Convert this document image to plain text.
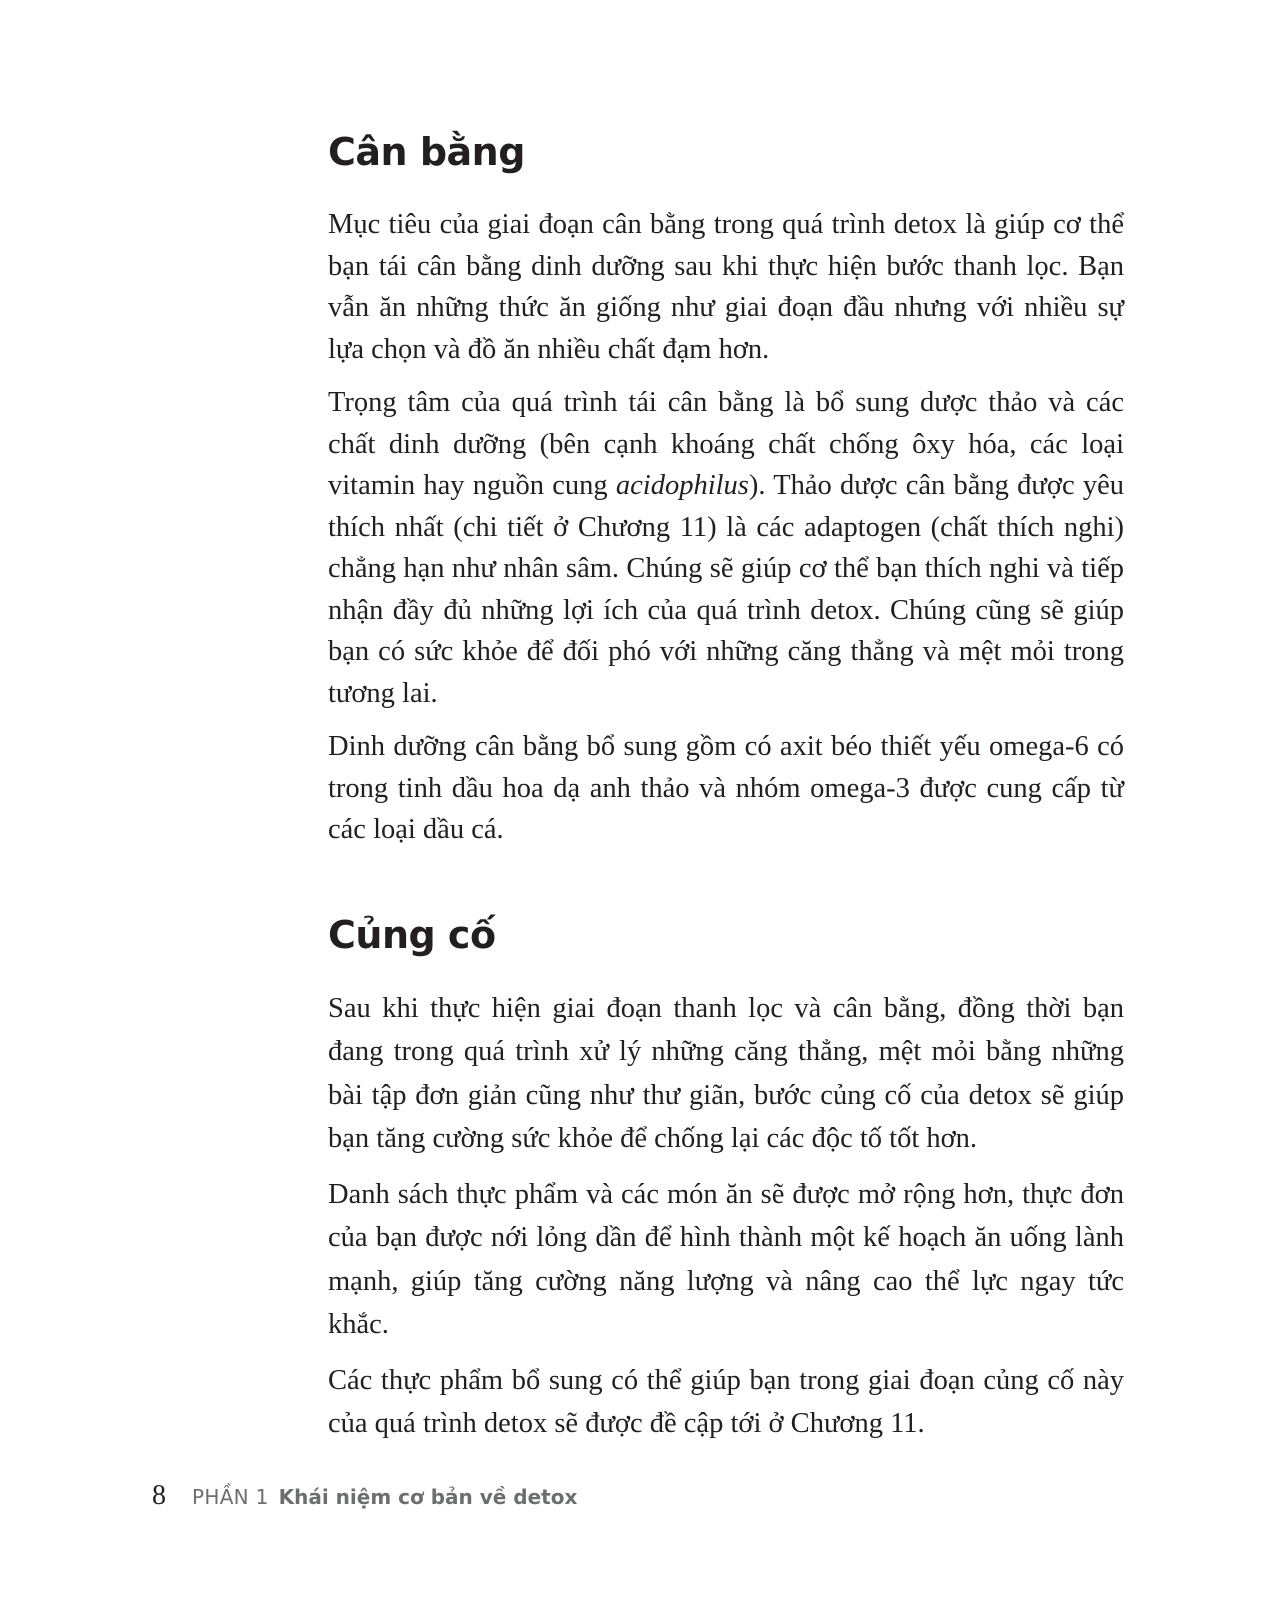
Cân bằng

Mục tiêu của giai đoạn cân bằng trong quá trình detox là giúp cơ thể bạn tái cân bằng dinh dưỡng sau khi thực hiện bước thanh lọc. Bạn vẫn ăn những thức ăn giống như giai đoạn đầu nhưng với nhiều sự lựa chọn và đồ ăn nhiều chất đạm hơn.

Trọng tâm của quá trình tái cân bằng là bổ sung dược thảo và các chất dinh dưỡng (bên cạnh khoáng chất chống ôxy hóa, các loại vitamin hay nguồn cung acidophilus). Thảo dược cân bằng được yêu thích nhất (chi tiết ở Chương 11) là các adaptogen (chất thích nghi) chẳng hạn như nhân sâm. Chúng sẽ giúp cơ thể bạn thích nghi và tiếp nhận đầy đủ những lợi ích của quá trình detox. Chúng cũng sẽ giúp bạn có sức khỏe để đối phó với những căng thẳng và mệt mỏi trong tương lai.

Dinh dưỡng cân bằng bổ sung gồm có axit béo thiết yếu omega-6 có trong tinh dầu hoa dạ anh thảo và nhóm omega-3 được cung cấp từ các loại dầu cá.

Củng cố

Sau khi thực hiện giai đoạn thanh lọc và cân bằng, đồng thời bạn đang trong quá trình xử lý những căng thẳng, mệt mỏi bằng những bài tập đơn giản cũng như thư giãn, bước củng cố của detox sẽ giúp bạn tăng cường sức khỏe để chống lại các độc tố tốt hơn.

Danh sách thực phẩm và các món ăn sẽ được mở rộng hơn, thực đơn của bạn được nới lỏng dần để hình thành một kế hoạch ăn uống lành mạnh, giúp tăng cường năng lượng và nâng cao thể lực ngay tức khắc.

Các thực phẩm bổ sung có thể giúp bạn trong giai đoạn củng cố này của quá trình detox sẽ được đề cập tới ở Chương 11.

8 PHẦN 1 Khái niệm cơ bản về detox
